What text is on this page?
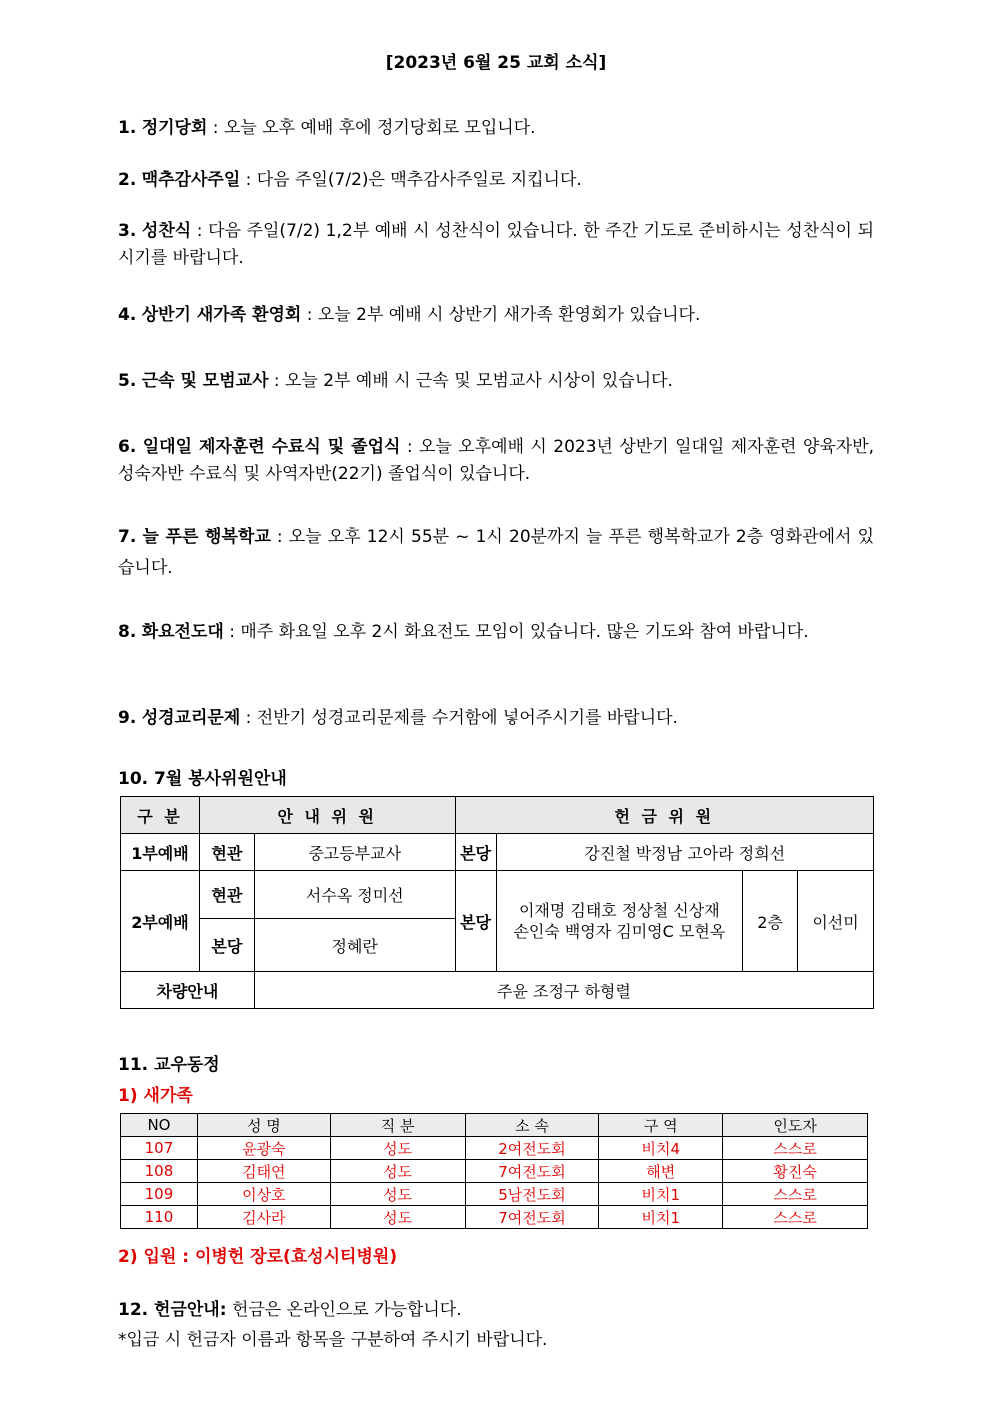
[2023년 6월 25 교회 소식]
1. 정기당회 : 오늘 오후 예배 후에 정기당회로 모입니다.
2. 맥추감사주일 : 다음 주일(7/2)은 맥추감사주일로 지킵니다.
3. 성찬식 : 다음 주일(7/2) 1,2부 예배 시 성찬식이 있습니다. 한 주간 기도로 준비하시는 성찬식이 되시기를 바랍니다.
4. 상반기 새가족 환영회 : 오늘 2부 예배 시 상반기 새가족 환영회가 있습니다.
5. 근속 및 모범교사 : 오늘 2부 예배 시 근속 및 모범교사 시상이 있습니다.
6. 일대일 제자훈련 수료식 및 졸업식 : 오늘 오후예배 시 2023년 상반기 일대일 제자훈련 양육자반, 성숙자반 수료식 및 사역자반(22기) 졸업식이 있습니다.
7. 늘 푸른 행복학교 : 오늘 오후 12시 55분 ~ 1시 20분까지 늘 푸른 행복학교가 2층 영화관에서 있습니다.
8. 화요전도대 : 매주 화요일 오후 2시 화요전도 모임이 있습니다. 많은 기도와 참여 바랍니다.
9. 성경교리문제 : 전반기 성경교리문제를 수거함에 넣어주시기를 바랍니다.
10. 7월 봉사위원안내
구 분	안 내 위 원		헌 금 위 원			
1부예배	현관	중고등부교사	본당	강진철 박정남 고아라 정희선		
2부예배	현관	서수옥 정미선	본당	이재명 김태호 정상철 신상재
손인숙 백영자 김미영C 모현옥	2층	이선미
	본당	정혜란				
차량안내		주윤 조정구 하형렬				
11. 교우동정
1) 새가족
NO	성 명	직 분	소 속	구 역	인도자
107	윤광숙	성도	2여전도회	비치4	스스로
108	김태연	성도	7여전도회	해변	황진숙
109	이상호	성도	5남전도회	비치1	스스로
110	김사라	성도	7여전도회	비치1	스스로
2) 입원 : 이병헌 장로(효성시티병원)
12. 헌금안내: 헌금은 온라인으로 가능합니다.
*입금 시 헌금자 이름과 항목을 구분하여 주시기 바랍니다.
